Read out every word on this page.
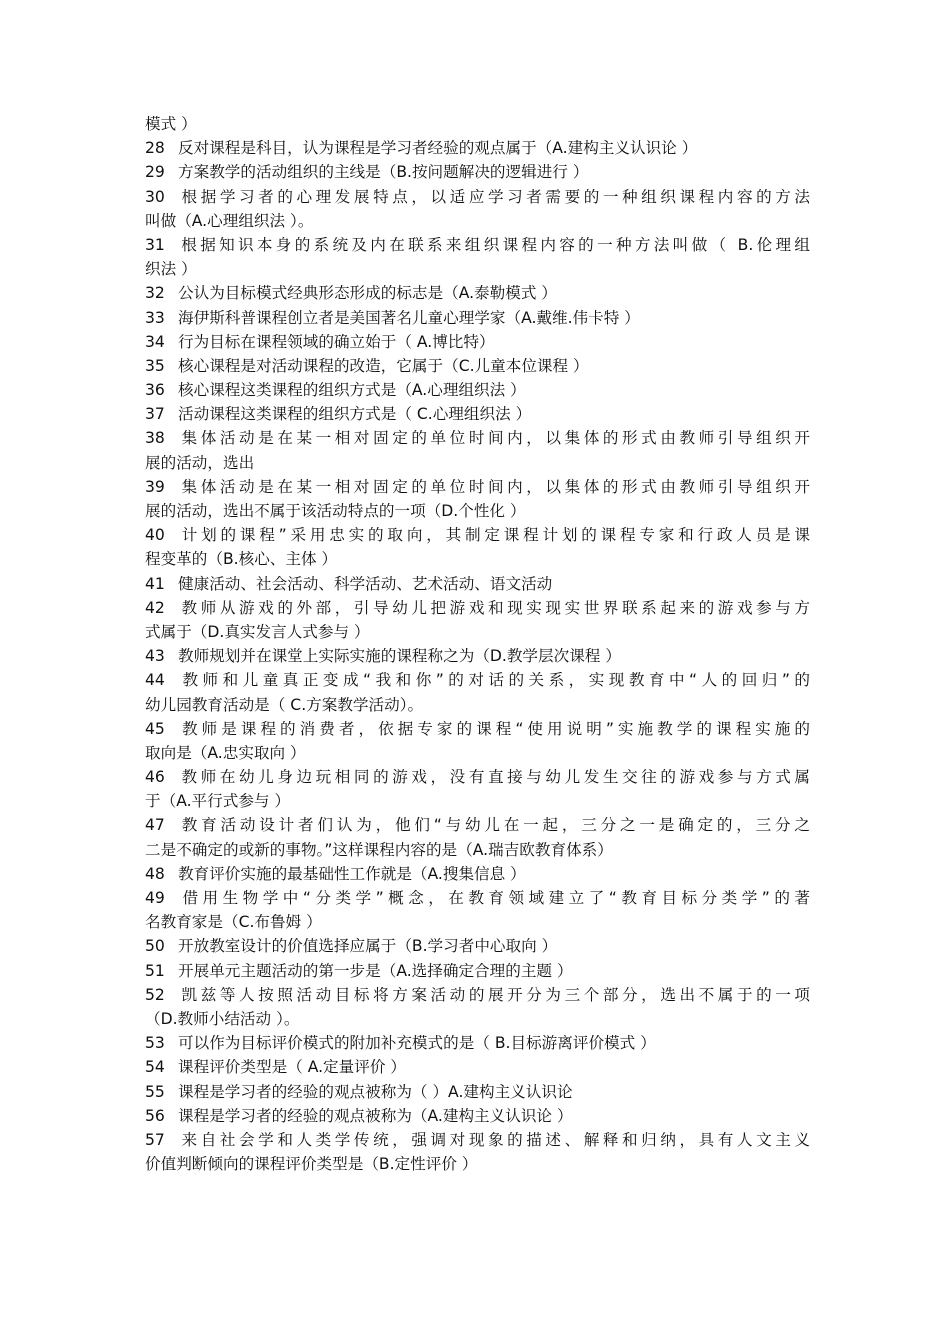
模式 ）
28 反对课程是科目，认为课程是学习者经验的观点属于（A.建构主义认识论 ）
29 方案教学的活动组织的主线是（B.按问题解决的逻辑进行 ）
30 根据学习者的心理发展特点，以适应学习者需要的一种组织课程内容的方法
叫做（A.心理组织法 ）。
31 根据知识本身的系统及内在联系来组织课程内容的一种方法叫做（ B.伦理组
织法 ）
32 公认为目标模式经典形态形成的标志是（A.泰勒模式 ）
33 海伊斯科普课程创立者是美国著名儿童心理学家（A.戴维.伟卡特 ）
34 行为目标在课程领域的确立始于（ A.博比特）
35 核心课程是对活动课程的改造，它属于（C.儿童本位课程 ）
36 核心课程这类课程的组织方式是（A.心理组织法 ）
37 活动课程这类课程的组织方式是（ C.心理组织法 ）
38 集体活动是在某一相对固定的单位时间内，以集体的形式由教师引导组织开
展的活动，选出
39 集体活动是在某一相对固定的单位时间内，以集体的形式由教师引导组织开
展的活动，选出不属于该活动特点的一项（D.个性化 ）
40 计划的课程”采用忠实的取向，其制定课程计划的课程专家和行政人员是课
程变革的（B.核心、主体 ）
41 健康活动、社会活动、科学活动、艺术活动、语文活动
42 教师从游戏的外部，引导幼儿把游戏和现实现实世界联系起来的游戏参与方
式属于（D.真实发言人式参与 ）
43 教师规划并在课堂上实际实施的课程称之为（D.教学层次课程 ）
44 教师和儿童真正变成“我和你”的对话的关系，实现教育中“人的回归”的
幼儿园教育活动是（ C.方案教学活动）。
45 教师是课程的消费者，依据专家的课程“使用说明”实施教学的课程实施的
取向是（A.忠实取向 ）
46 教师在幼儿身边玩相同的游戏，没有直接与幼儿发生交往的游戏参与方式属
于（A.平行式参与 ）
47 教育活动设计者们认为，他们“与幼儿在一起，三分之一是确定的，三分之
二是不确定的或新的事物。”这样课程内容的是（A.瑞吉欧教育体系）
48 教育评价实施的最基础性工作就是（A.搜集信息 ）
49 借用生物学中“分类学”概念，在教育领域建立了“教育目标分类学”的著
名教育家是（C.布鲁姆 ）
50 开放教室设计的价值选择应属于（B.学习者中心取向 ）
51 开展单元主题活动的第一步是（A.选择确定合理的主题 ）
52 凯兹等人按照活动目标将方案活动的展开分为三个部分，选出不属于的一项
（D.教师小结活动 ）。
53 可以作为目标评价模式的附加补充模式的是（ B.目标游离评价模式 ）
54 课程评价类型是（ A.定量评价 ）
55 课程是学习者的经验的观点被称为（ ）A.建构主义认识论
56 课程是学习者的经验的观点被称为（A.建构主义认识论 ）
57 来自社会学和人类学传统，强调对现象的描述、解释和归纳，具有人文主义
价值判断倾向的课程评价类型是（B.定性评价 ）
